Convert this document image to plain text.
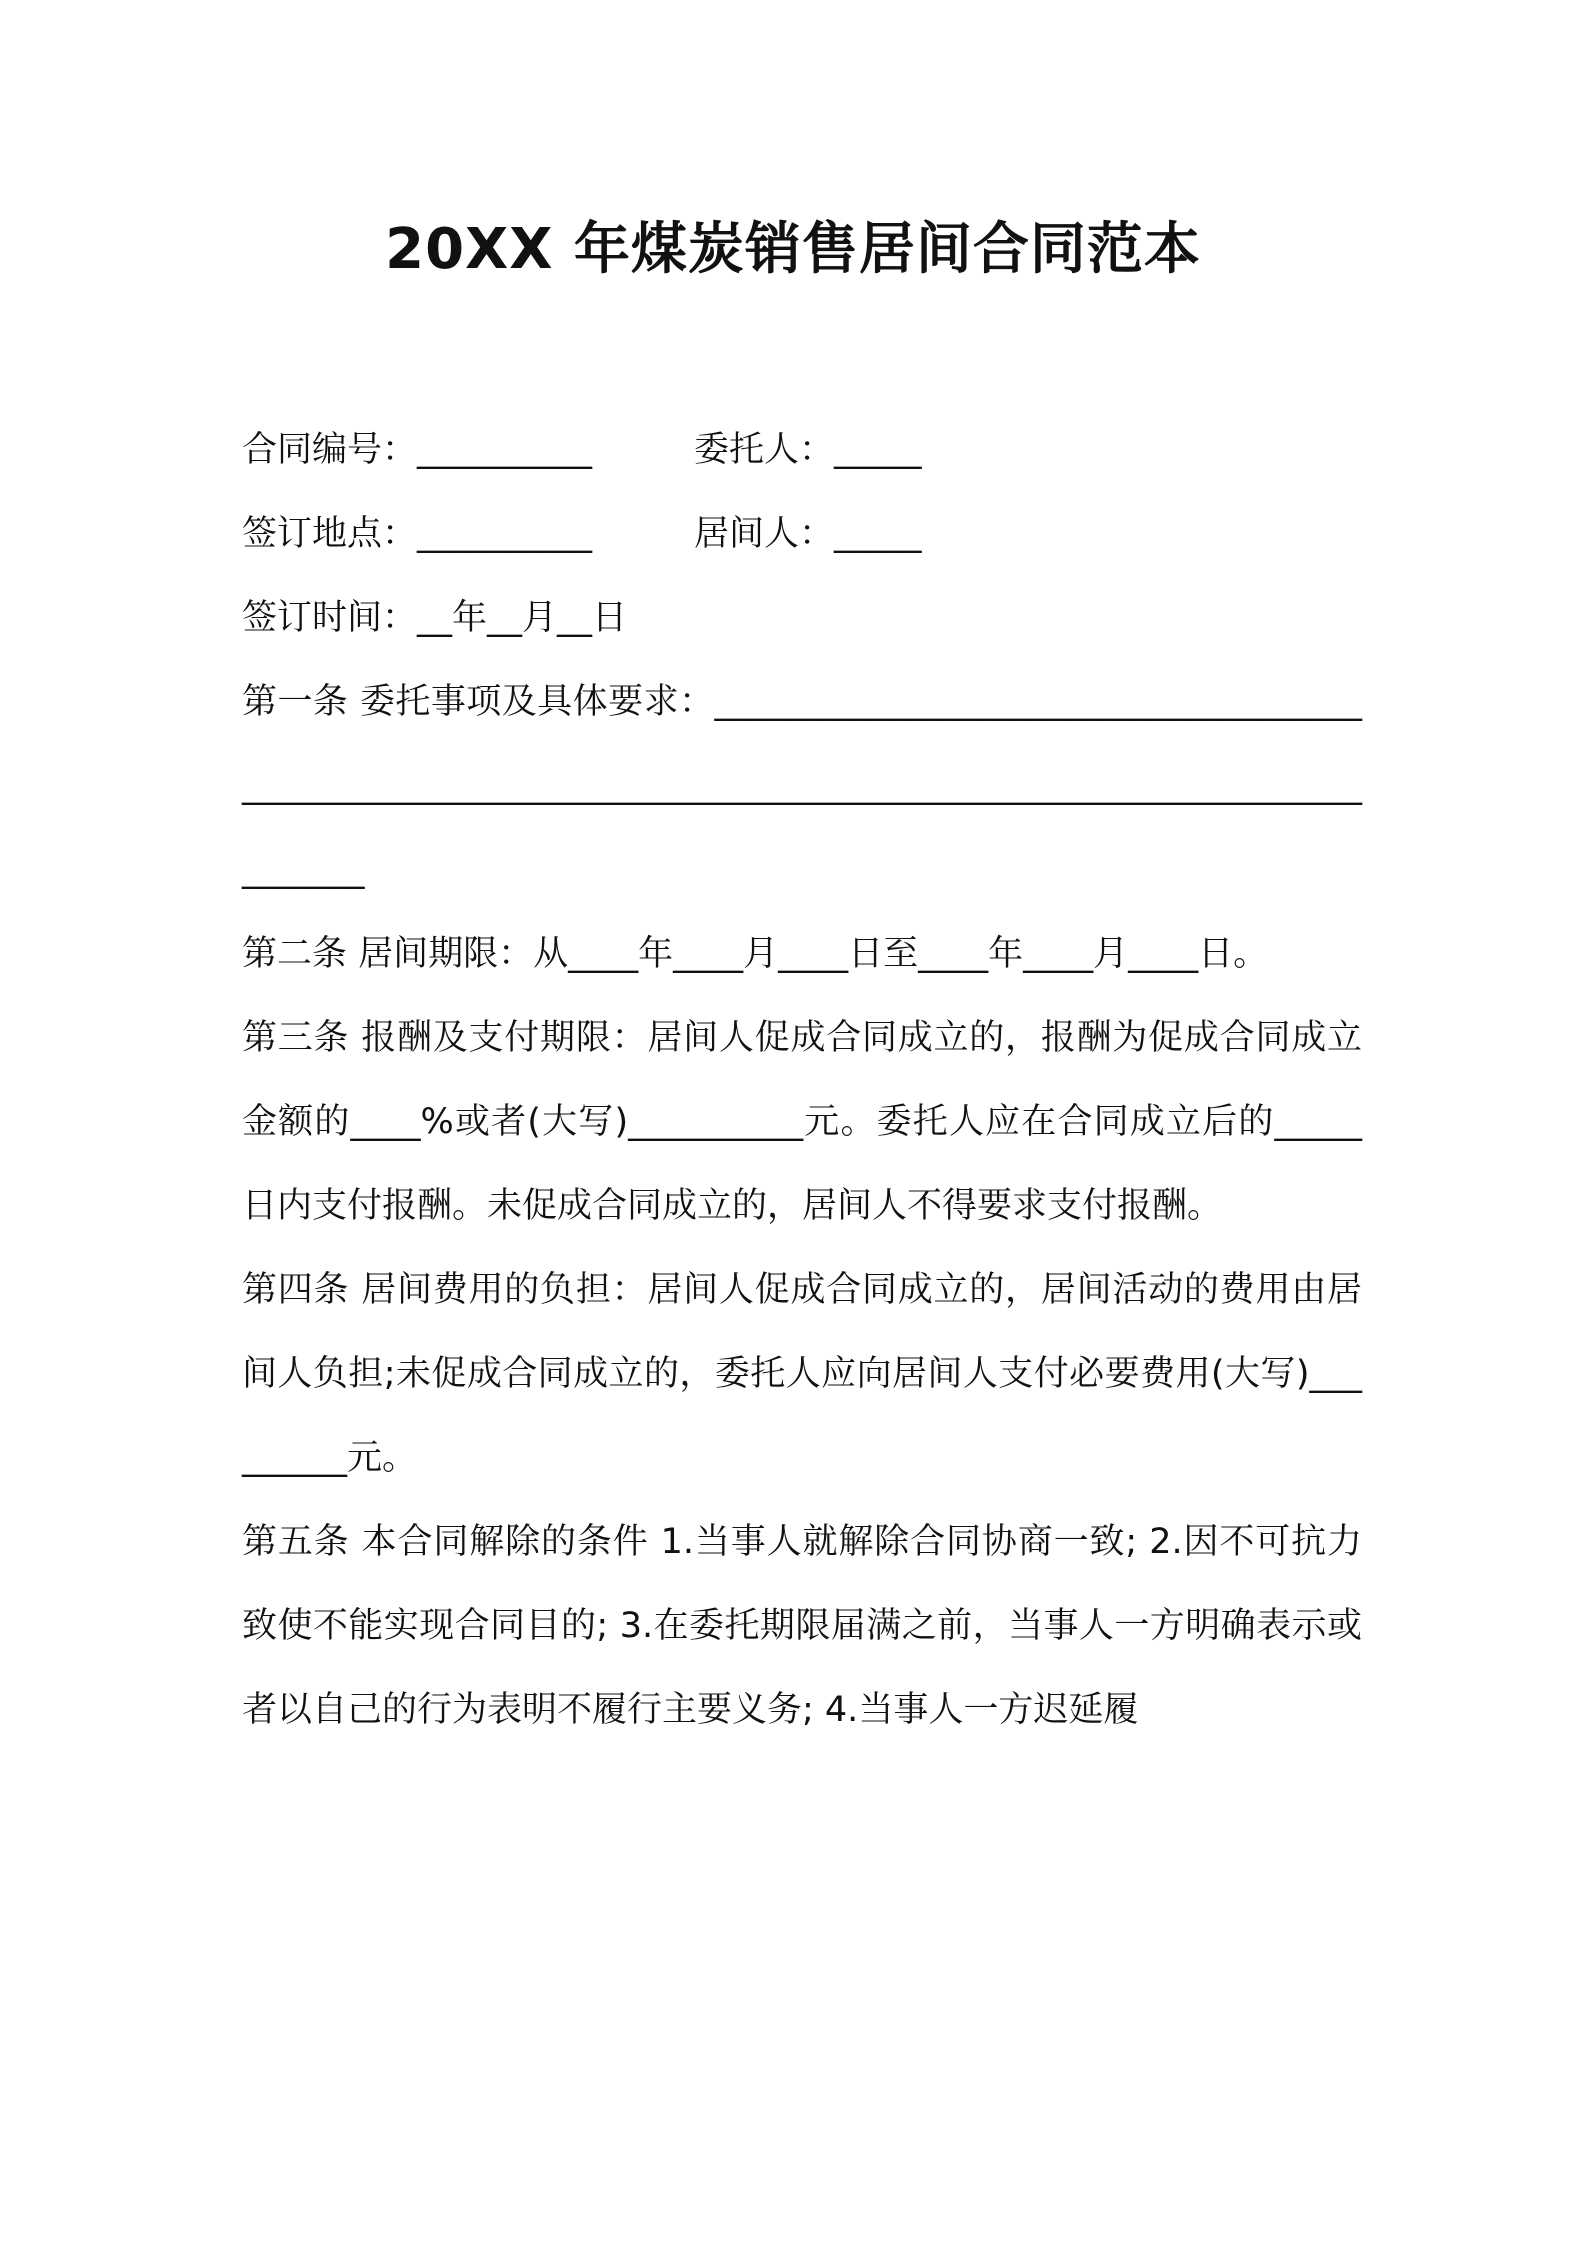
20XX 年煤炭销售居间合同范本
合同编号：__________	委托人：_____
签订地点：__________	居间人：_____
签订时间：__年__月__日
第一条 委托事项及具体要求：____________________________________________________________________________________________________________
第二条 居间期限：从____年____月____日至____年____月____日。
第三条 报酬及支付期限：居间人促成合同成立的，报酬为促成合同成立金额的____%或者(大写)__________元。委托人应在合同成立后的_____日内支付报酬。未促成合同成立的，居间人不得要求支付报酬。
第四条 居间费用的负担：居间人促成合同成立的，居间活动的费用由居间人负担;未促成合同成立的，委托人应向居间人支付必要费用(大写)_________元。
第五条 本合同解除的条件 1.当事人就解除合同协商一致; 2.因不可抗力致使不能实现合同目的; 3.在委托期限届满之前，当事人一方明确表示或者以自己的行为表明不履行主要义务; 4.当事人一方迟延履
